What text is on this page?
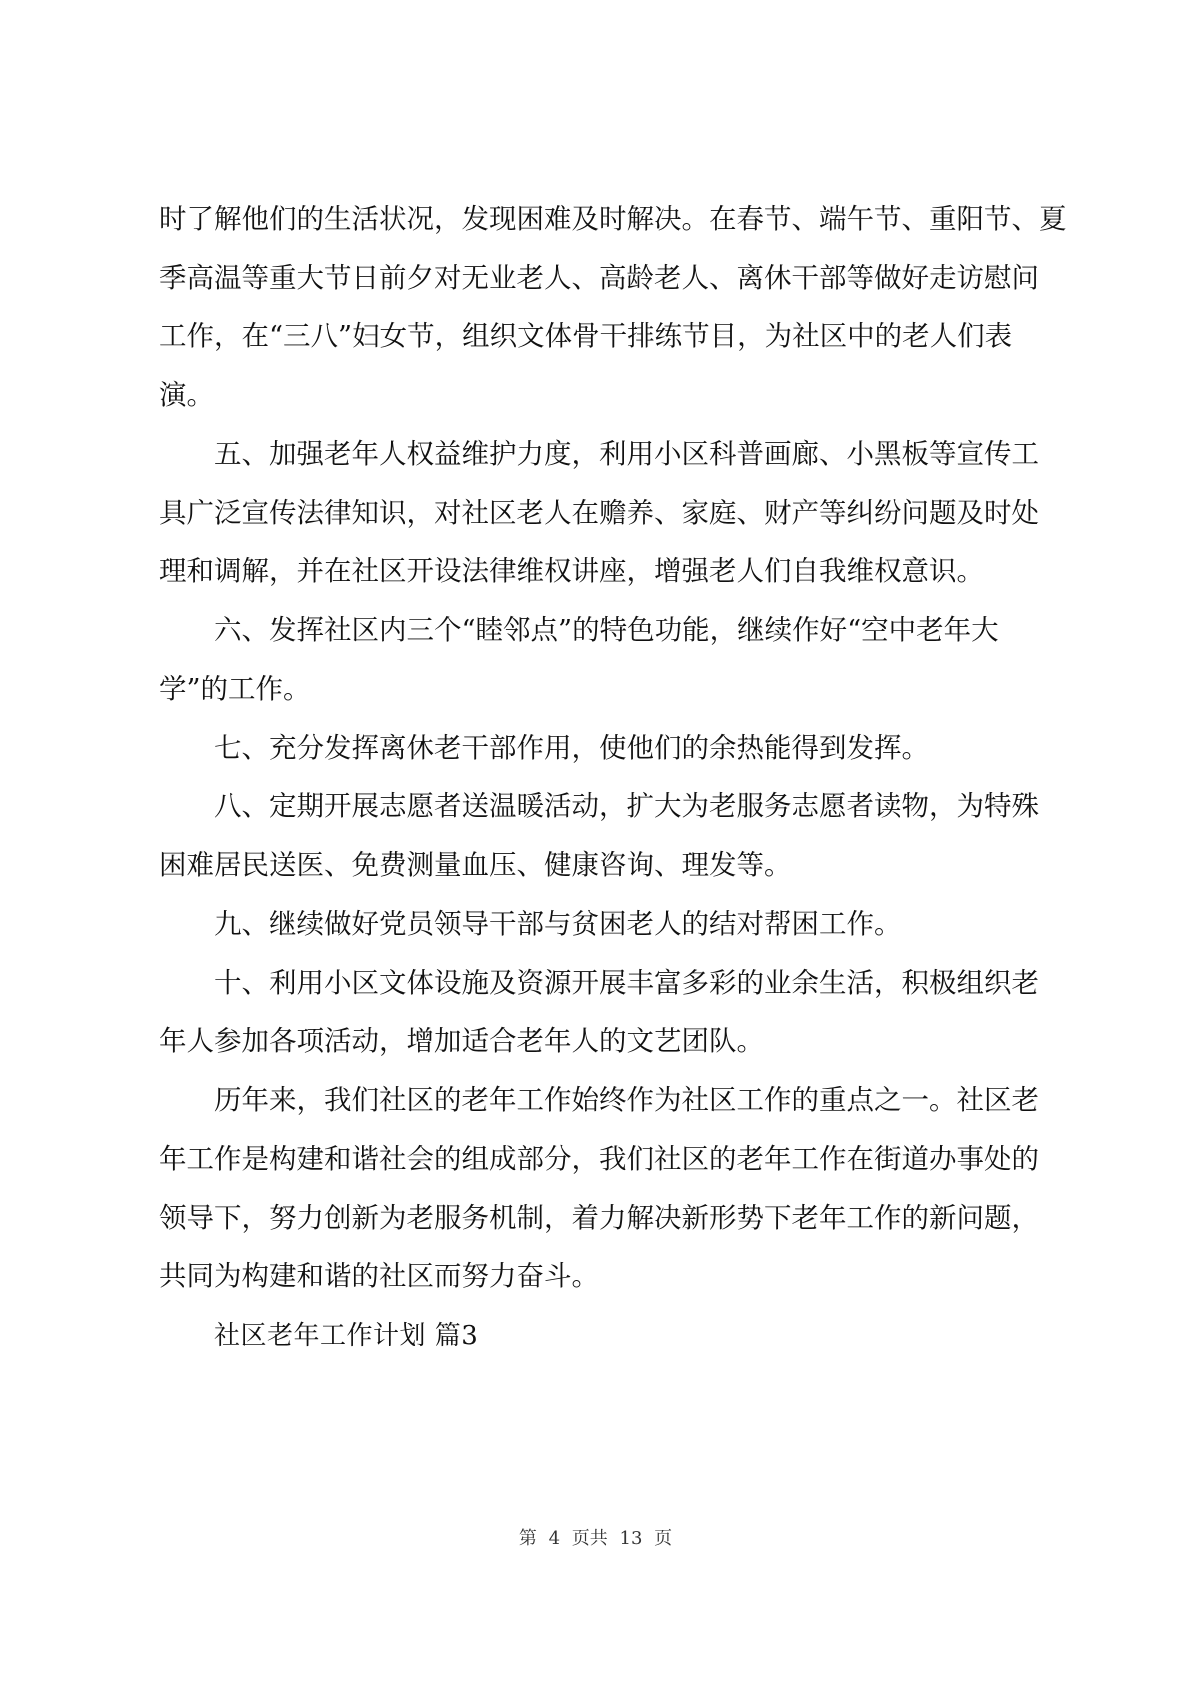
时了解他们的生活状况，发现困难及时解决。在春节、端午节、重阳节、夏
季高温等重大节日前夕对无业老人、高龄老人、离休干部等做好走访慰问
工作，在“三八”妇女节，组织文体骨干排练节目，为社区中的老人们表
演。
五、加强老年人权益维护力度，利用小区科普画廊、小黑板等宣传工
具广泛宣传法律知识，对社区老人在赡养、家庭、财产等纠纷问题及时处
理和调解，并在社区开设法律维权讲座，增强老人们自我维权意识。
六、发挥社区内三个“睦邻点”的特色功能，继续作好“空中老年大
学”的工作。
七、充分发挥离休老干部作用，使他们的余热能得到发挥。
八、定期开展志愿者送温暖活动，扩大为老服务志愿者读物，为特殊
困难居民送医、免费测量血压、健康咨询、理发等。
九、继续做好党员领导干部与贫困老人的结对帮困工作。
十、利用小区文体设施及资源开展丰富多彩的业余生活，积极组织老
年人参加各项活动，增加适合老年人的文艺团队。
历年来，我们社区的老年工作始终作为社区工作的重点之一。社区老
年工作是构建和谐社会的组成部分，我们社区的老年工作在街道办事处的
领导下，努力创新为老服务机制，着力解决新形势下老年工作的新问题，
共同为构建和谐的社区而努力奋斗。
社区老年工作计划 篇3
第 4 页共 13 页
